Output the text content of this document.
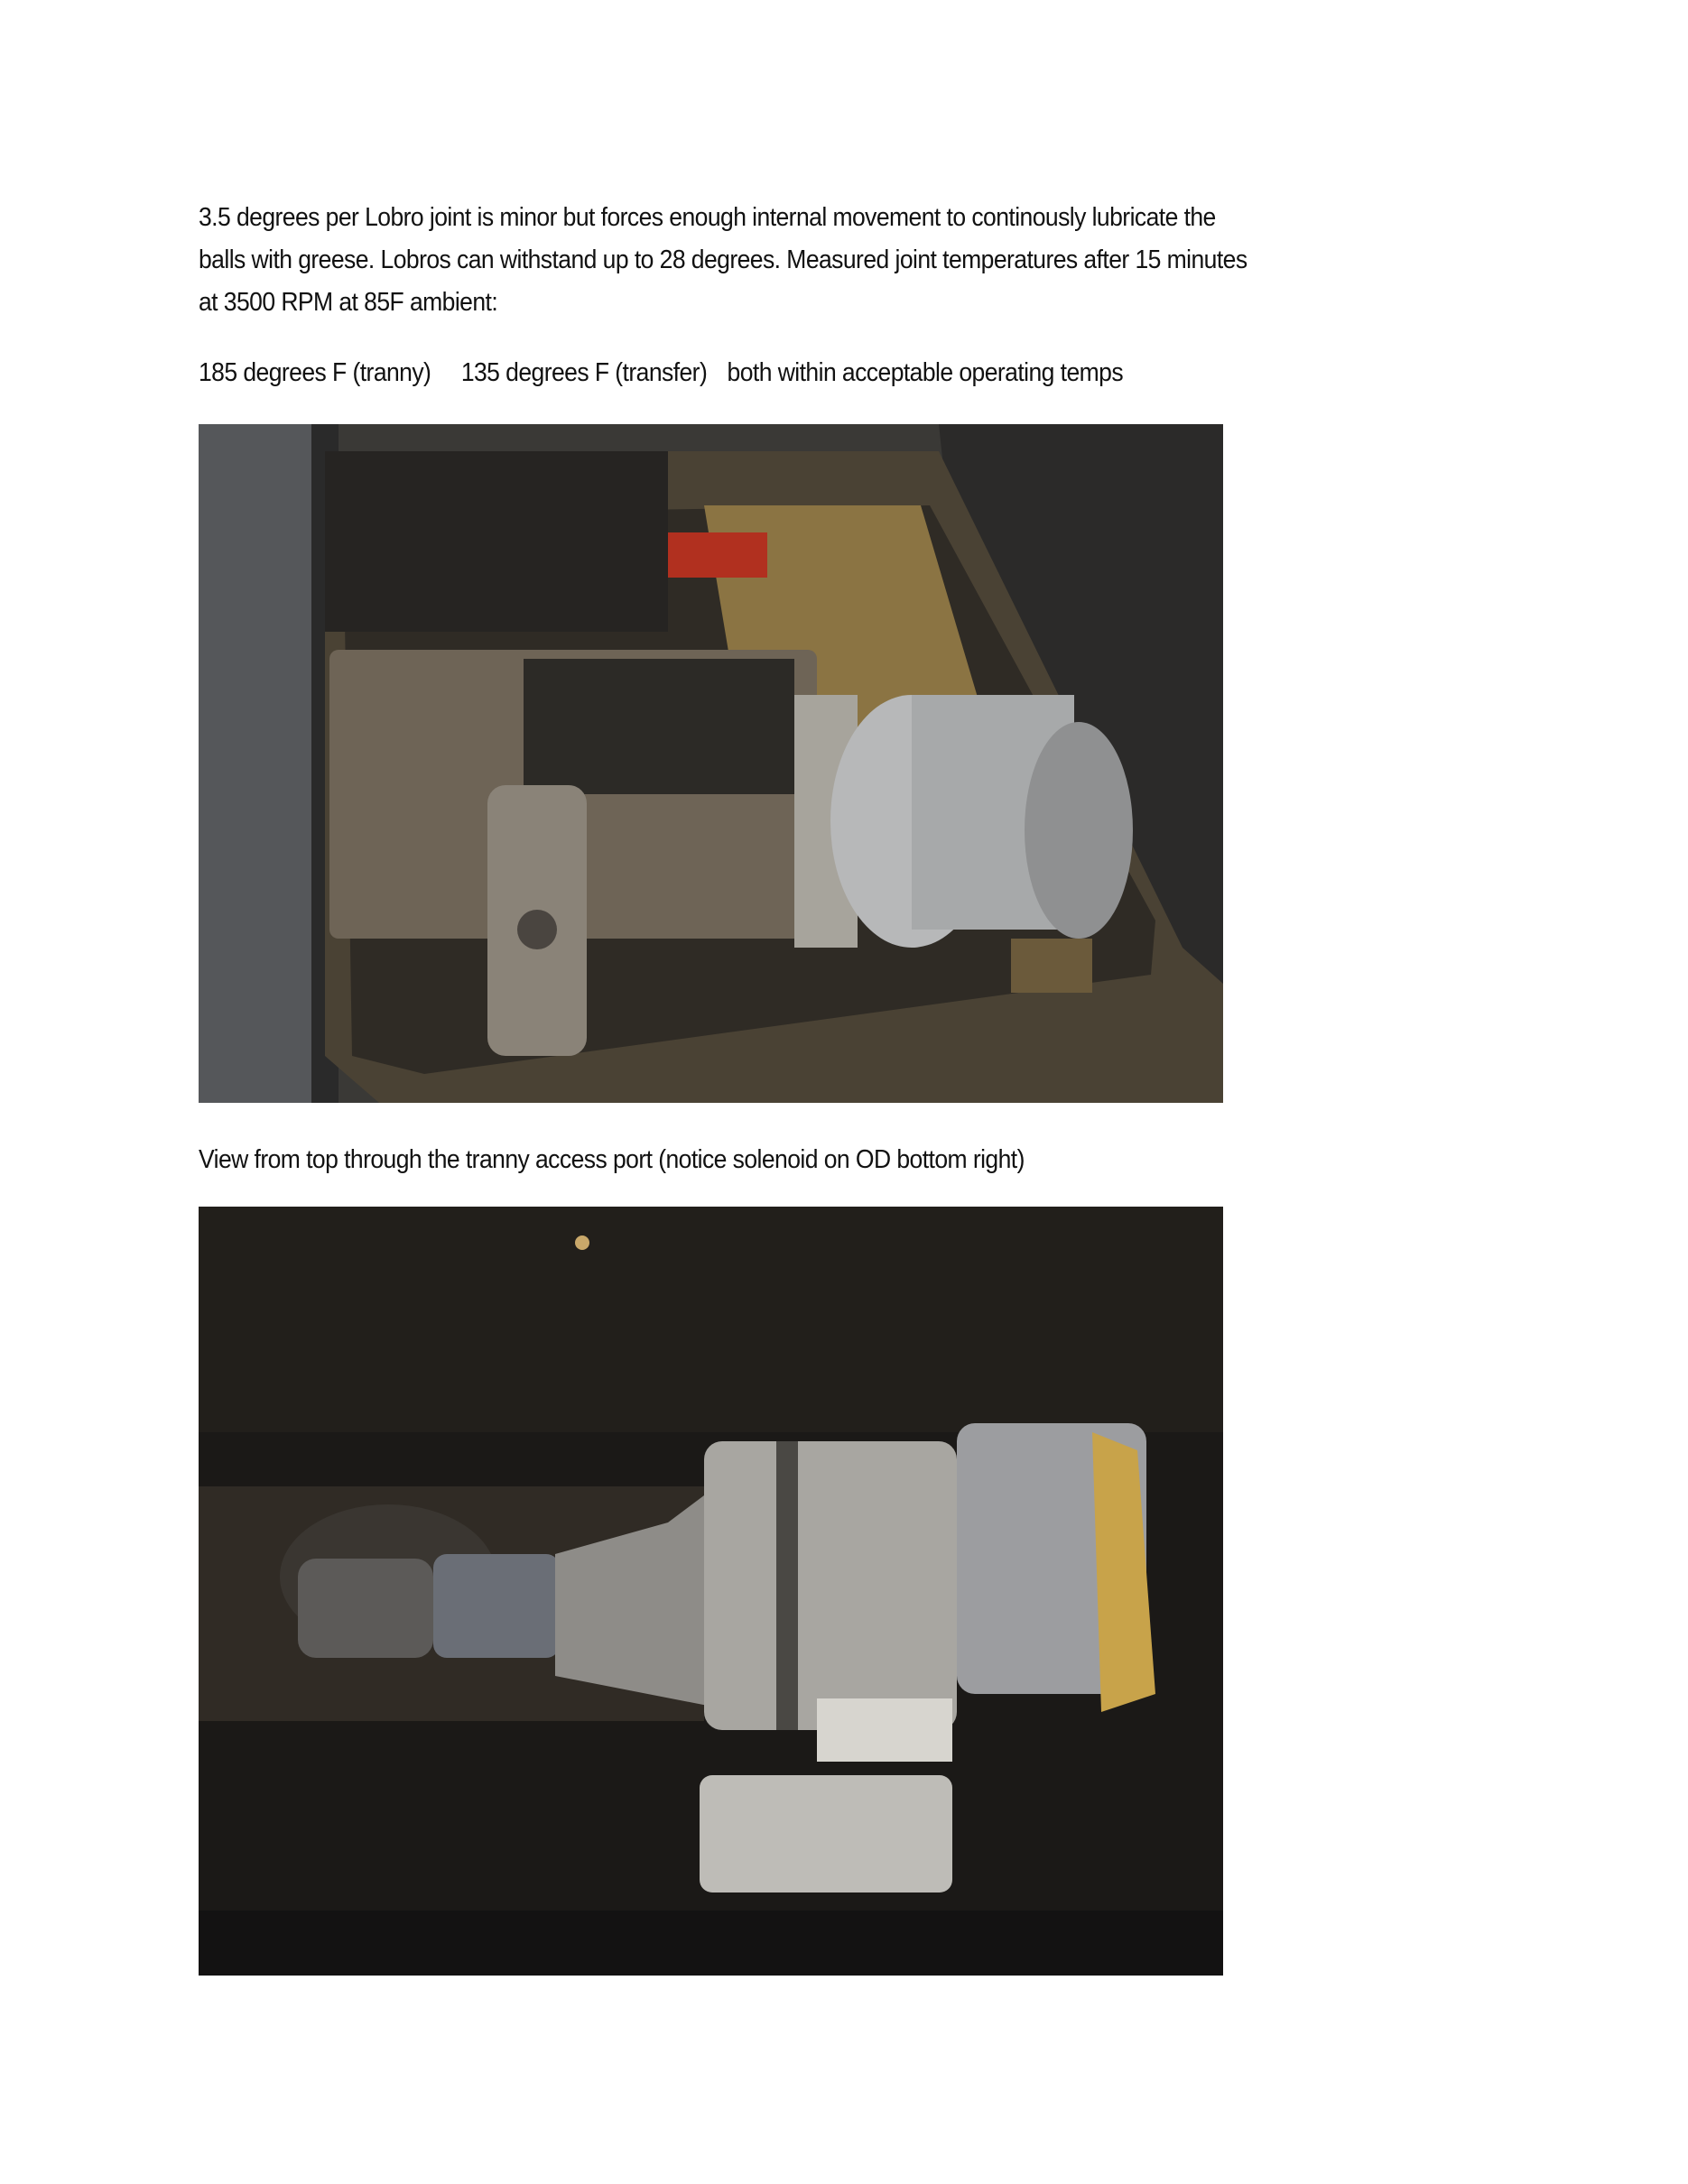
3.5 degrees per Lobro joint is minor but forces enough internal movement to continously lubricate the
balls with greese. Lobros can withstand up to 28 degrees. Measured joint temperatures after 15 minutes
at 3500 RPM at 85F ambient:
185 degrees F (tranny) 135 degrees F (transfer) both within acceptable operating temps
View from top through the tranny access port (notice solenoid on OD bottom right)
